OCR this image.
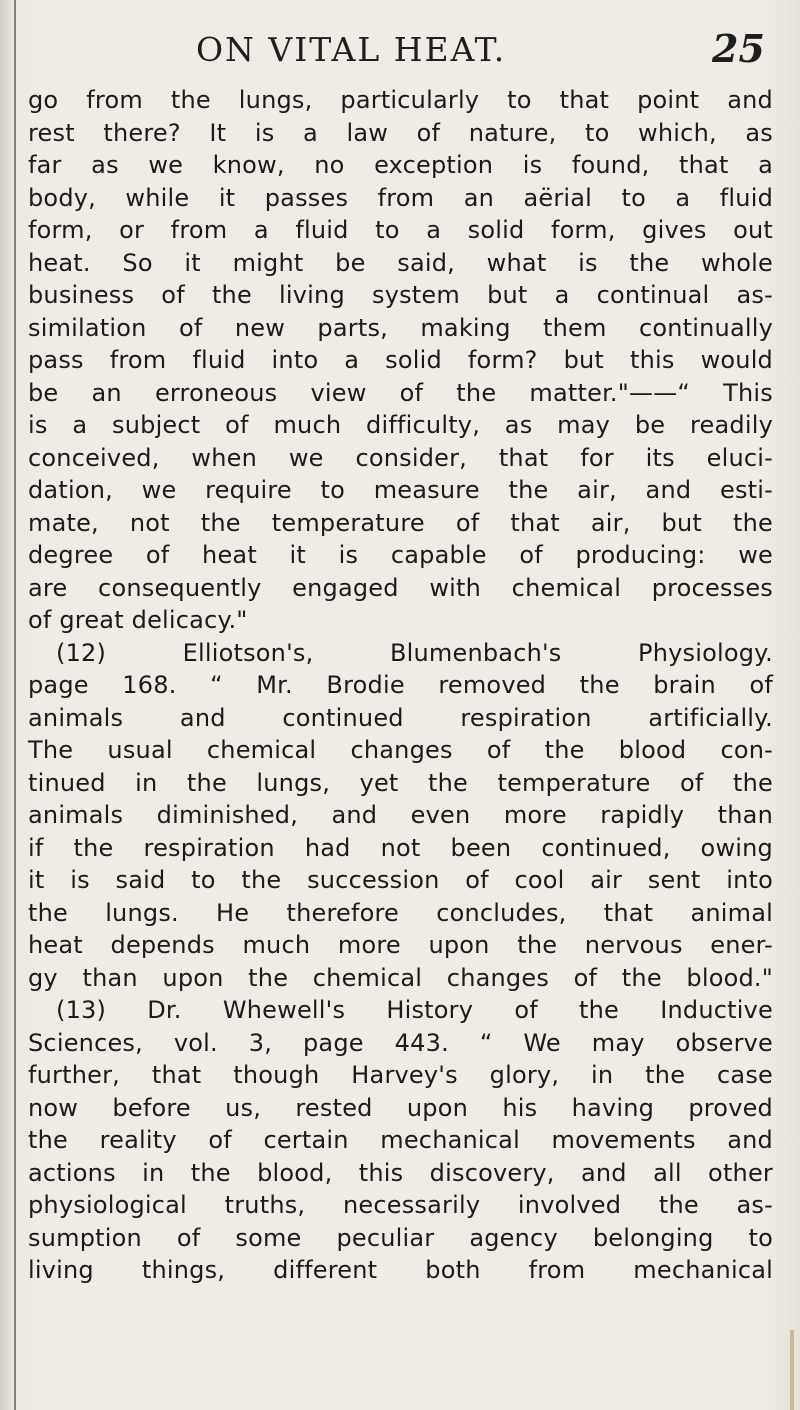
ON VITAL HEAT.	25
go from the lungs, particularly to that point and
rest there? It is a law of nature, to which, as
far as we know, no exception is found, that a
body, while it passes from an aërial to a fluid
form, or from a fluid to a solid form, gives out
heat. So it might be said, what is the whole
business of the living system but a continual as-
similation of new parts, making them continually
pass from fluid into a solid form? but this would
be an erroneous view of the matter."——“ This
is a subject of much difficulty, as may be readily
conceived, when we consider, that for its eluci-
dation, we require to measure the air, and esti-
mate, not the temperature of that air, but the
degree of heat it is capable of producing: we
are consequently engaged with chemical processes
of great delicacy."
(12) Elliotson's, Blumenbach's Physiology.
page 168. “ Mr. Brodie removed the brain of
animals and continued respiration artificially.
The usual chemical changes of the blood con-
tinued in the lungs, yet the temperature of the
animals diminished, and even more rapidly than
if the respiration had not been continued, owing
it is said to the succession of cool air sent into
the lungs. He therefore concludes, that animal
heat depends much more upon the nervous ener-
gy than upon the chemical changes of the blood."
(13) Dr. Whewell's History of the Inductive
Sciences, vol. 3, page 443. “ We may observe
further, that though Harvey's glory, in the case
now before us, rested upon his having proved
the reality of certain mechanical movements and
actions in the blood, this discovery, and all other
physiological truths, necessarily involved the as-
sumption of some peculiar agency belonging to
living things, different both from mechanical
